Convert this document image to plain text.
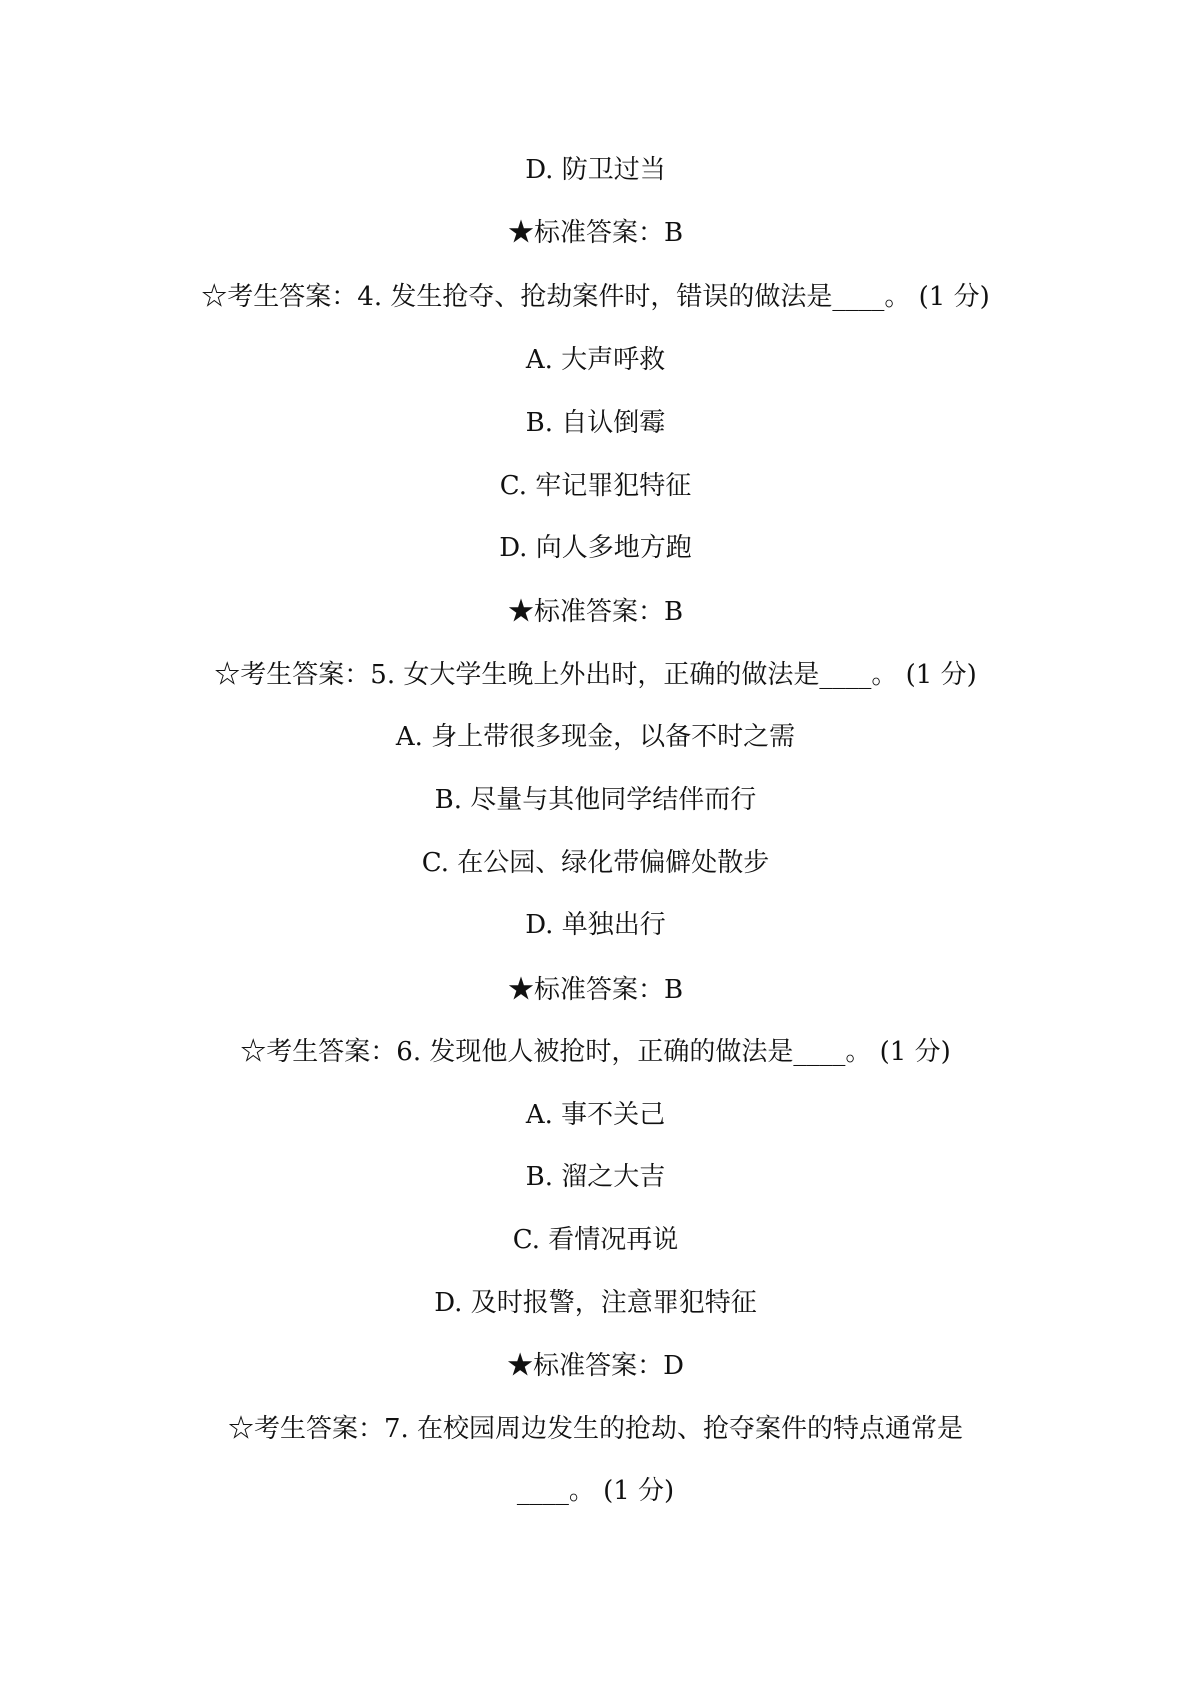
D. 防卫过当
★标准答案：B
☆考生答案：4. 发生抢夺、抢劫案件时，错误的做法是____。 (1 分)
A. 大声呼救
B. 自认倒霉
C. 牢记罪犯特征
D. 向人多地方跑
★标准答案：B
☆考生答案：5. 女大学生晚上外出时，正确的做法是____。 (1 分)
A. 身上带很多现金，以备不时之需
B. 尽量与其他同学结伴而行
C. 在公园、绿化带偏僻处散步
D. 单独出行
★标准答案：B
☆考生答案：6. 发现他人被抢时，正确的做法是____。 (1 分)
A. 事不关己
B. 溜之大吉
C. 看情况再说
D. 及时报警，注意罪犯特征
★标准答案：D
☆考生答案：7. 在校园周边发生的抢劫、抢夺案件的特点通常是
____。 (1 分)
